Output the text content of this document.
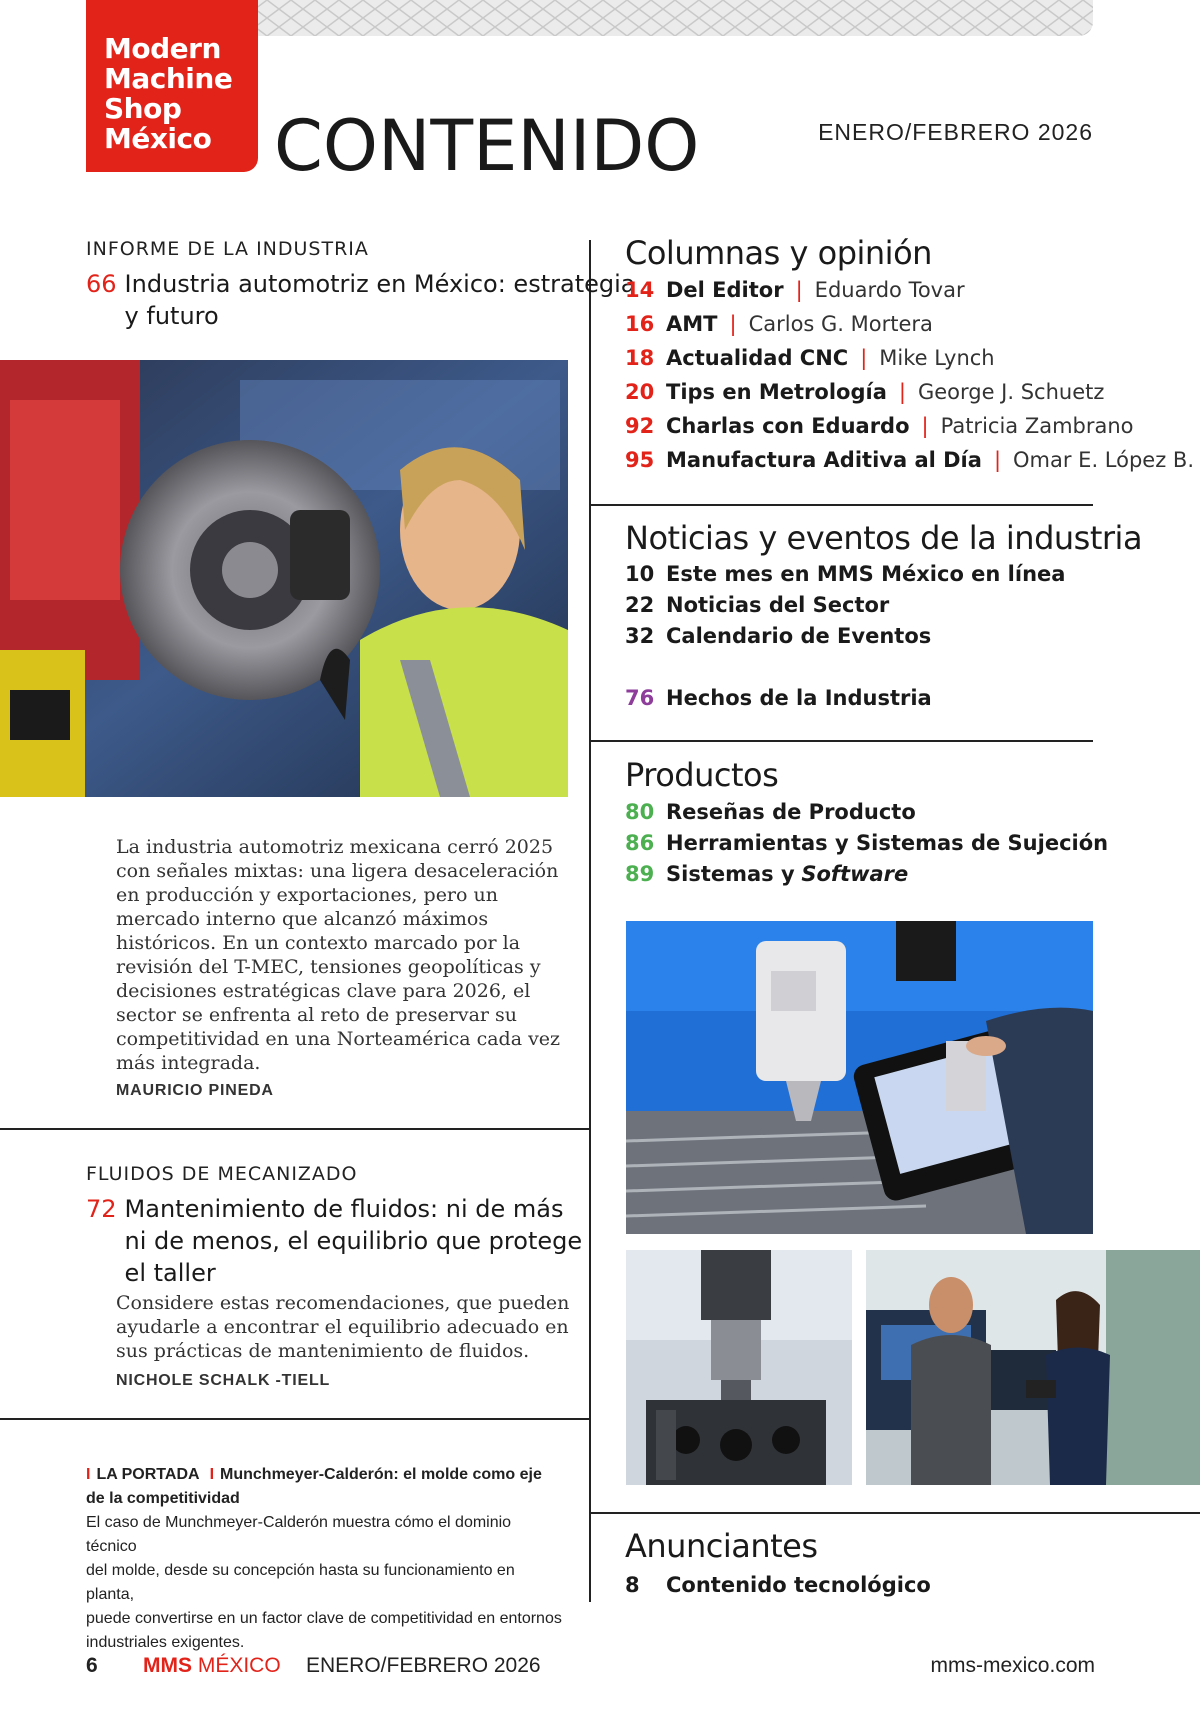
Modern
Machine
Shop
México CONTENIDO	ENERO/FEBRERO 2026
INFORME DE LA INDUSTRIA
66 Industria automotriz en México: estrategia
y futuro
La industria automotriz mexicana cerró 2025
con señales mixtas: una ligera desaceleración
en producción y exportaciones, pero un
mercado interno que alcanzó máximos
históricos. En un contexto marcado por la
revisión del T-MEC, tensiones geopolíticas y
decisiones estratégicas clave para 2026, el
sector se enfrenta al reto de preservar su
competitividad en una Norteamérica cada vez
más integrada.
MAURICIO PINEDA
FLUIDOS DE MECANIZADO
72 Mantenimiento de fluidos: ni de más
ni de menos, el equilibrio que protege
el taller
Considere estas recomendaciones, que pueden
ayudarle a encontrar el equilibrio adecuado en
sus prácticas de mantenimiento de fluidos.
NICHOLE SCHALK -TIELL
I LA PORTADA I Munchmeyer-Calderón: el molde como eje
de la competitividad
El caso de Munchmeyer-Calderón muestra cómo el dominio técnico
del molde, desde su concepción hasta su funcionamiento en planta,
puede convertirse en un factor clave de competitividad en entornos
industriales exigentes.
Columnas y opinión
14 Del Editor | Eduardo Tovar
16 AMT | Carlos G. Mortera
18 Actualidad CNC | Mike Lynch
20 Tips en Metrología | George J. Schuetz
92 Charlas con Eduardo | Patricia Zambrano
95 Manufactura Aditiva al Día | Omar E. López B.
Noticias y eventos de la industria
10 Este mes en MMS México en línea
22 Noticias del Sector
32 Calendario de Eventos
76 Hechos de la Industria
Productos
80 Reseñas de Producto
86 Herramientas y Sistemas de Sujeción
89 Sistemas y
Software
Anunciantes
8	Contenido tecnológico
6 MMS MÉXICO ENERO/FEBRERO 2026	mms-mexico.com
